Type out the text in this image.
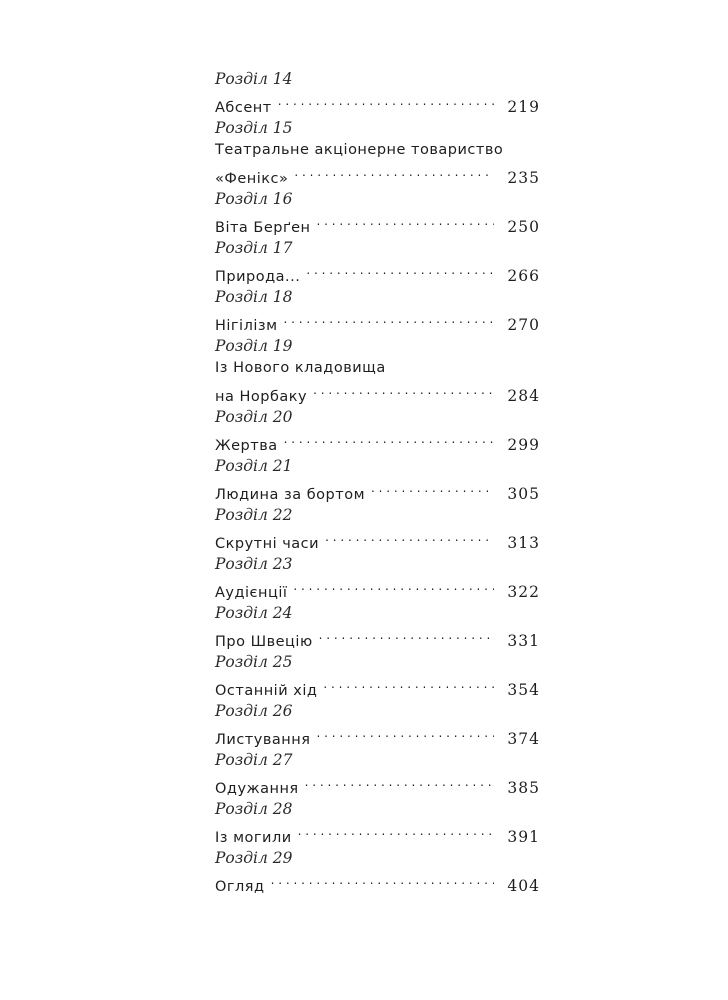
Розділ 14
Абсент . . .	219
Розділ 15
Театральне акціонерне товариство
«Фенікс» . . .	235
Розділ 16
Віта Берґен . . .	250
Розділ 17
Природа... . . .	266
Розділ 18
Нігілізм . . .	270
Розділ 19
Із Нового кладовища
на Норбаку . . .	284
Розділ 20
Жертва . . .	299
Розділ 21
Людина за бортом . . .	305
Розділ 22
Скрутні часи . . .	313
Розділ 23
Аудієнції . . .	322
Розділ 24
Про Швецію . . .	331
Розділ 25
Останній хід . . .	354
Розділ 26
Листування . . .	374
Розділ 27
Одужання . . .	385
Розділ 28
Із могили . . .	391
Розділ 29
Огляд . . .	404
